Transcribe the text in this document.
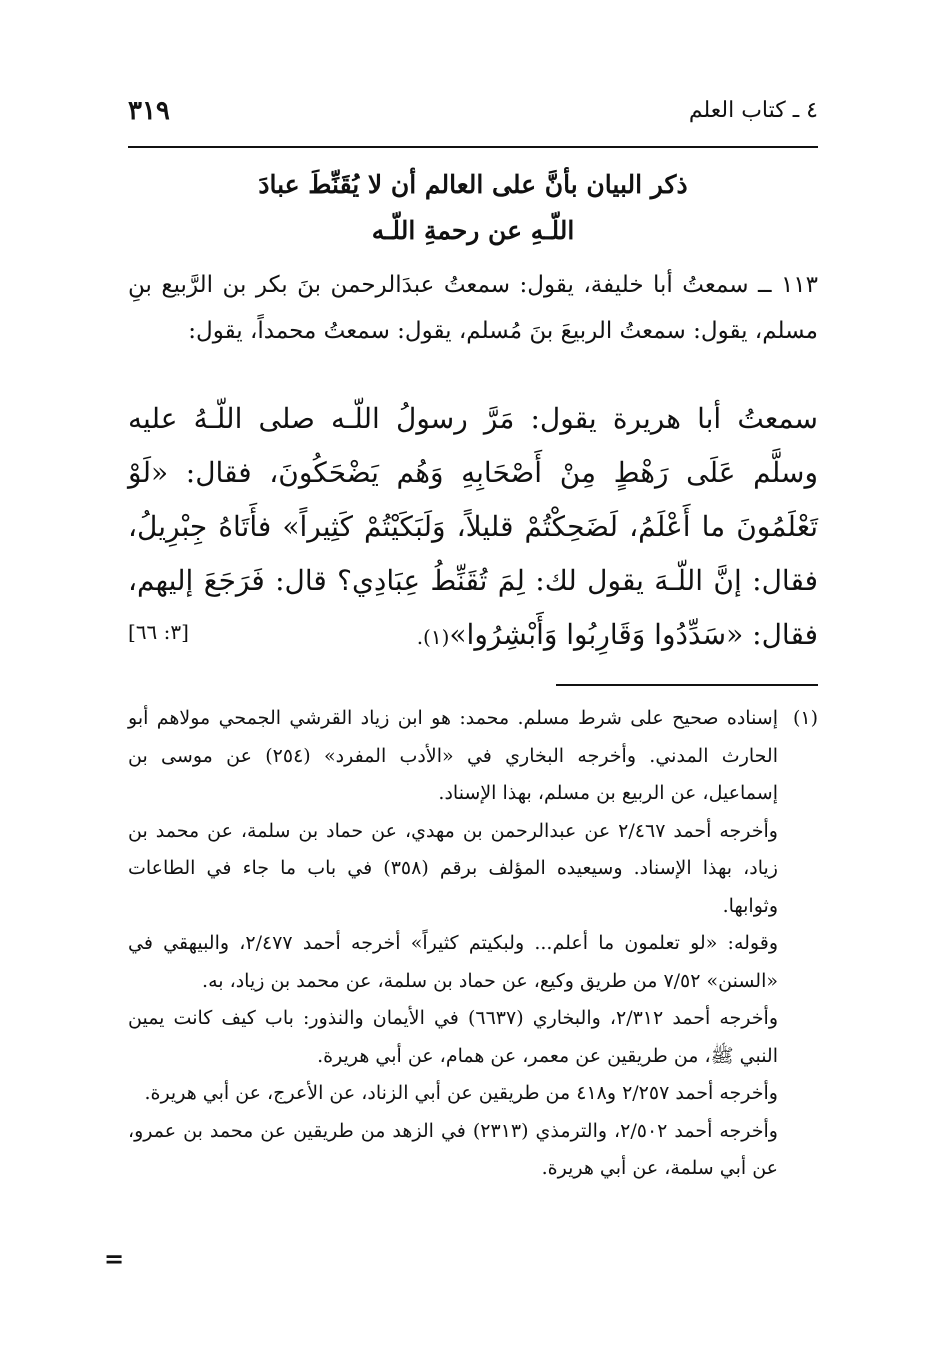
٣١٩	٤ ـ كتاب العلم
ذكر البيان بأنَّ على العالم أن لا يُقَنِّطَ عبادَ
اللّـهِ عن رحمةِ اللّـه
١١٣ ــ سمعتُ أبا خليفة، يقول: سمعتُ عبدَالرحمن بنَ بكر بن الرَّبيع بنِ مسلم، يقول: سمعتُ الربيعَ بنَ مُسلم، يقول: سمعتُ محمداً، يقول:
سمعتُ أبا هريرة يقول: مَرَّ رسولُ اللّـه صلى اللّـهُ عليه وسلَّم عَلَى رَهْطٍ مِنْ أَصْحَابِهِ وَهُم يَضْحَكُونَ، فقال: «لَوْ تَعْلَمُونَ ما أَعْلَمُ، لَضَحِكْتُمْ قليلاً، وَلَبَكَيْتُمْ كَثِيراً» فأَتَاهُ جِبْرِيلُ، فقال: إنَّ اللّـهَ يقول لك: لِمَ تُقَنِّطُ عِبَادِي؟ قال: فَرَجَعَ إليهم، فقال: «سَدِّدُوا وَقَارِبُوا وَأَبْشِرُوا»(١).
[٣: ٦٦]
(١)

إسناده صحيح على شرط مسلم. محمد: هو ابن زياد القرشي الجمحي مولاهم أبو الحارث المدني. وأخرجه البخاري في «الأدب المفرد» (٢٥٤) عن موسى بن إسماعيل، عن الربيع بن مسلم، بهذا الإسناد.

وأخرجه أحمد ٢/٤٦٧ عن عبدالرحمن بن مهدي، عن حماد بن سلمة، عن محمد بن زياد، بهذا الإسناد. وسيعيده المؤلف برقم (٣٥٨) في باب ما جاء في الطاعات وثوابها.

وقوله: «لو تعلمون ما أعلم... ولبكيتم كثيراً» أخرجه أحمد ٢/٤٧٧، والبيهقي في «السنن» ٧/٥٢ من طريق وكيع، عن حماد بن سلمة، عن محمد بن زياد، به.

وأخرجه أحمد ٢/٣١٢، والبخاري (٦٦٣٧) في الأيمان والنذور: باب كيف كانت يمين النبي ﷺ، من طريقين عن معمر، عن همام، عن أبي هريرة.

وأخرجه أحمد ٢/٢٥٧ و٤١٨ من طريقين عن أبي الزناد، عن الأعرج، عن أبي هريرة.

وأخرجه أحمد ٢/٥٠٢، والترمذي (٢٣١٣) في الزهد من طريقين عن محمد بن عمرو، عن أبي سلمة، عن أبي هريرة.

=
